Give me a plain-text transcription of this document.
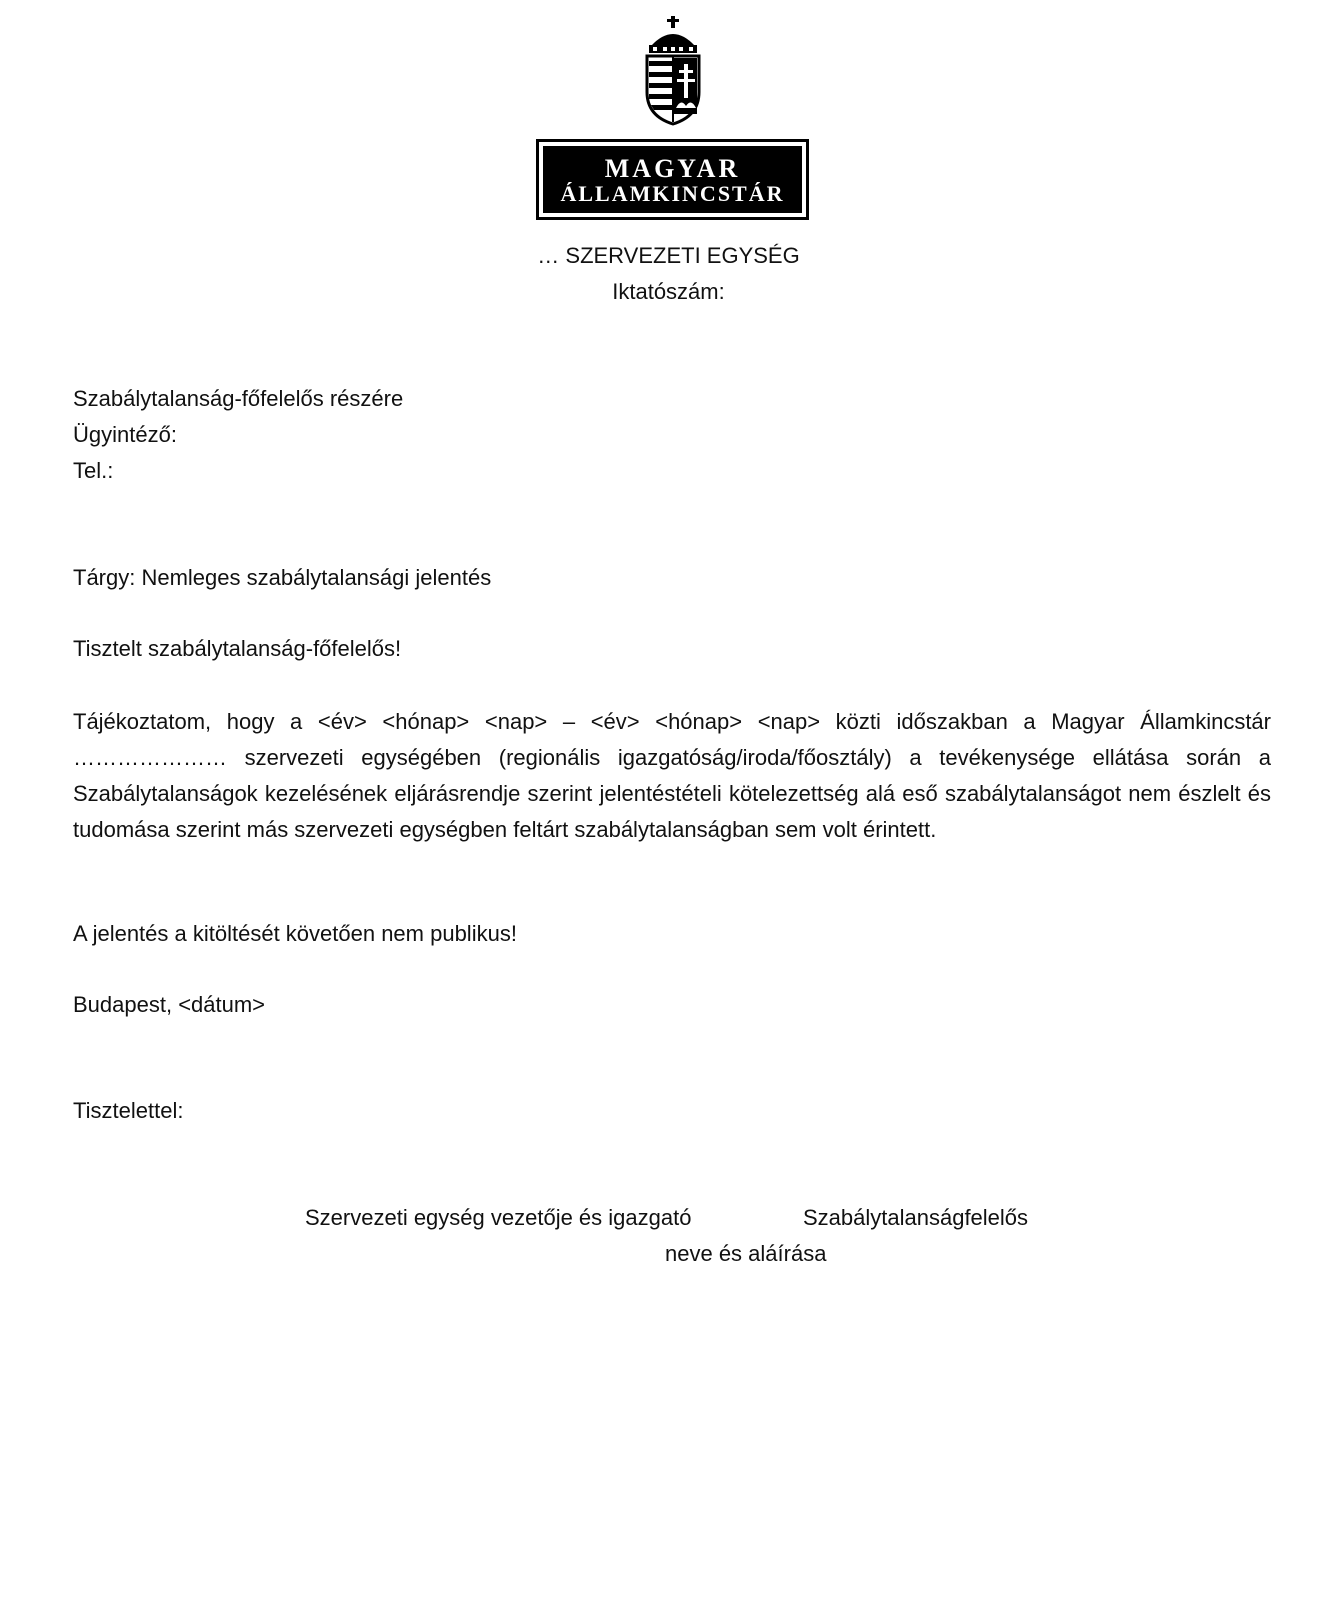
MAGYAR
ÁLLAMKINCSTÁR
… SZERVEZETI EGYSÉG
Iktatószám:
Szabálytalanság-főfelelős részére
Ügyintéző:
Tel.:
Tárgy: Nemleges szabálytalansági jelentés
Tisztelt szabálytalanság-főfelelős!
Tájékoztatom, hogy a <év> <hónap> <nap> – <év> <hónap> <nap> közti időszakban a Magyar Államkincstár ………………… szervezeti egységében (regionális igazgatóság/iroda/főosztály) a tevékenysége ellátása során a Szabálytalanságok kezelésének eljárásrendje szerint jelentéstételi kötelezettség alá eső szabálytalanságot nem észlelt és tudomása szerint más szervezeti egységben feltárt szabálytalanságban sem volt érintett.
A jelentés a kitöltését követően nem publikus!
Budapest, <dátum>
Tisztelettel:
Szervezeti egység vezetője és igazgató	Szabálytalanságfelelős
neve és aláírása
